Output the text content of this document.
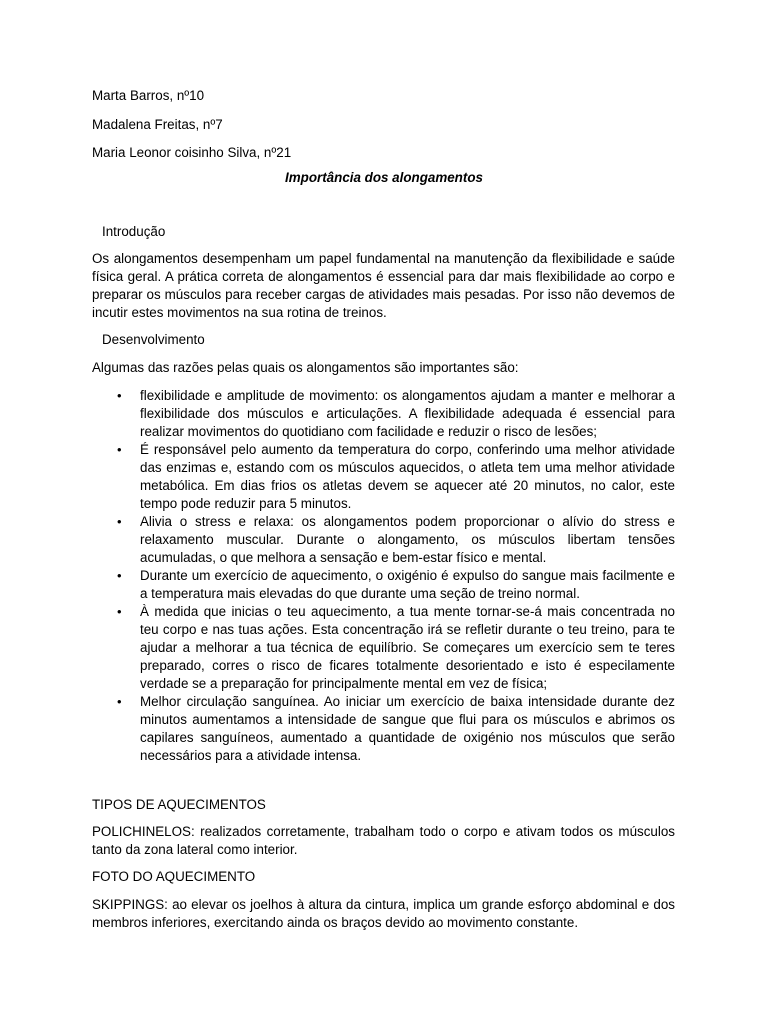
Marta Barros, nº10

Madalena Freitas, nº7

Maria Leonor coisinho Silva, nº21

Importância dos alongamentos

Introdução

Os alongamentos desempenham um papel fundamental na manutenção da flexibilidade e saúde física geral. A prática correta de alongamentos é essencial para dar mais flexibilidade ao corpo e preparar os músculos para receber cargas de atividades mais pesadas. Por isso não devemos de incutir estes movimentos na sua rotina de treinos.

Desenvolvimento

Algumas das razões pelas quais os alongamentos são importantes são:

• flexibilidade e amplitude de movimento: os alongamentos ajudam a manter e melhorar a flexibilidade dos músculos e articulações. A flexibilidade adequada é essencial para realizar movimentos do quotidiano com facilidade e reduzir o risco de lesões;
• É responsável pelo aumento da temperatura do corpo, conferindo uma melhor atividade das enzimas e, estando com os músculos aquecidos, o atleta tem uma melhor atividade metabólica. Em dias frios os atletas devem se aquecer até 20 minutos, no calor, este tempo pode reduzir para 5 minutos.
• Alivia o stress e relaxa: os alongamentos podem proporcionar o alívio do stress e relaxamento muscular. Durante o alongamento, os músculos libertam tensões acumuladas, o que melhora a sensação e bem-estar físico e mental.
• Durante um exercício de aquecimento, o oxigénio é expulso do sangue mais facilmente e a temperatura mais elevadas do que durante uma seção de treino normal.
• À medida que inicias o teu aquecimento, a tua mente tornar-se-á mais concentrada no teu corpo e nas tuas ações. Esta concentração irá se refletir durante o teu treino, para te ajudar a melhorar a tua técnica de equilíbrio. Se começares um exercício sem te teres preparado, corres o risco de ficares totalmente desorientado e isto é especilamente verdade se a preparação for principalmente mental em vez de física;
• Melhor circulação sanguínea. Ao iniciar um exercício de baixa intensidade durante dez minutos aumentamos a intensidade de sangue que flui para os músculos e abrimos os capilares sanguíneos, aumentado a quantidade de oxigénio nos músculos que serão necessários para a atividade intensa.

TIPOS DE AQUECIMENTOS

POLICHINELOS: realizados corretamente, trabalham todo o corpo e ativam todos os músculos tanto da zona lateral como interior.

FOTO DO AQUECIMENTO

SKIPPINGS: ao elevar os joelhos à altura da cintura, implica um grande esforço abdominal e dos membros inferiores, exercitando ainda os braços devido ao movimento constante.
